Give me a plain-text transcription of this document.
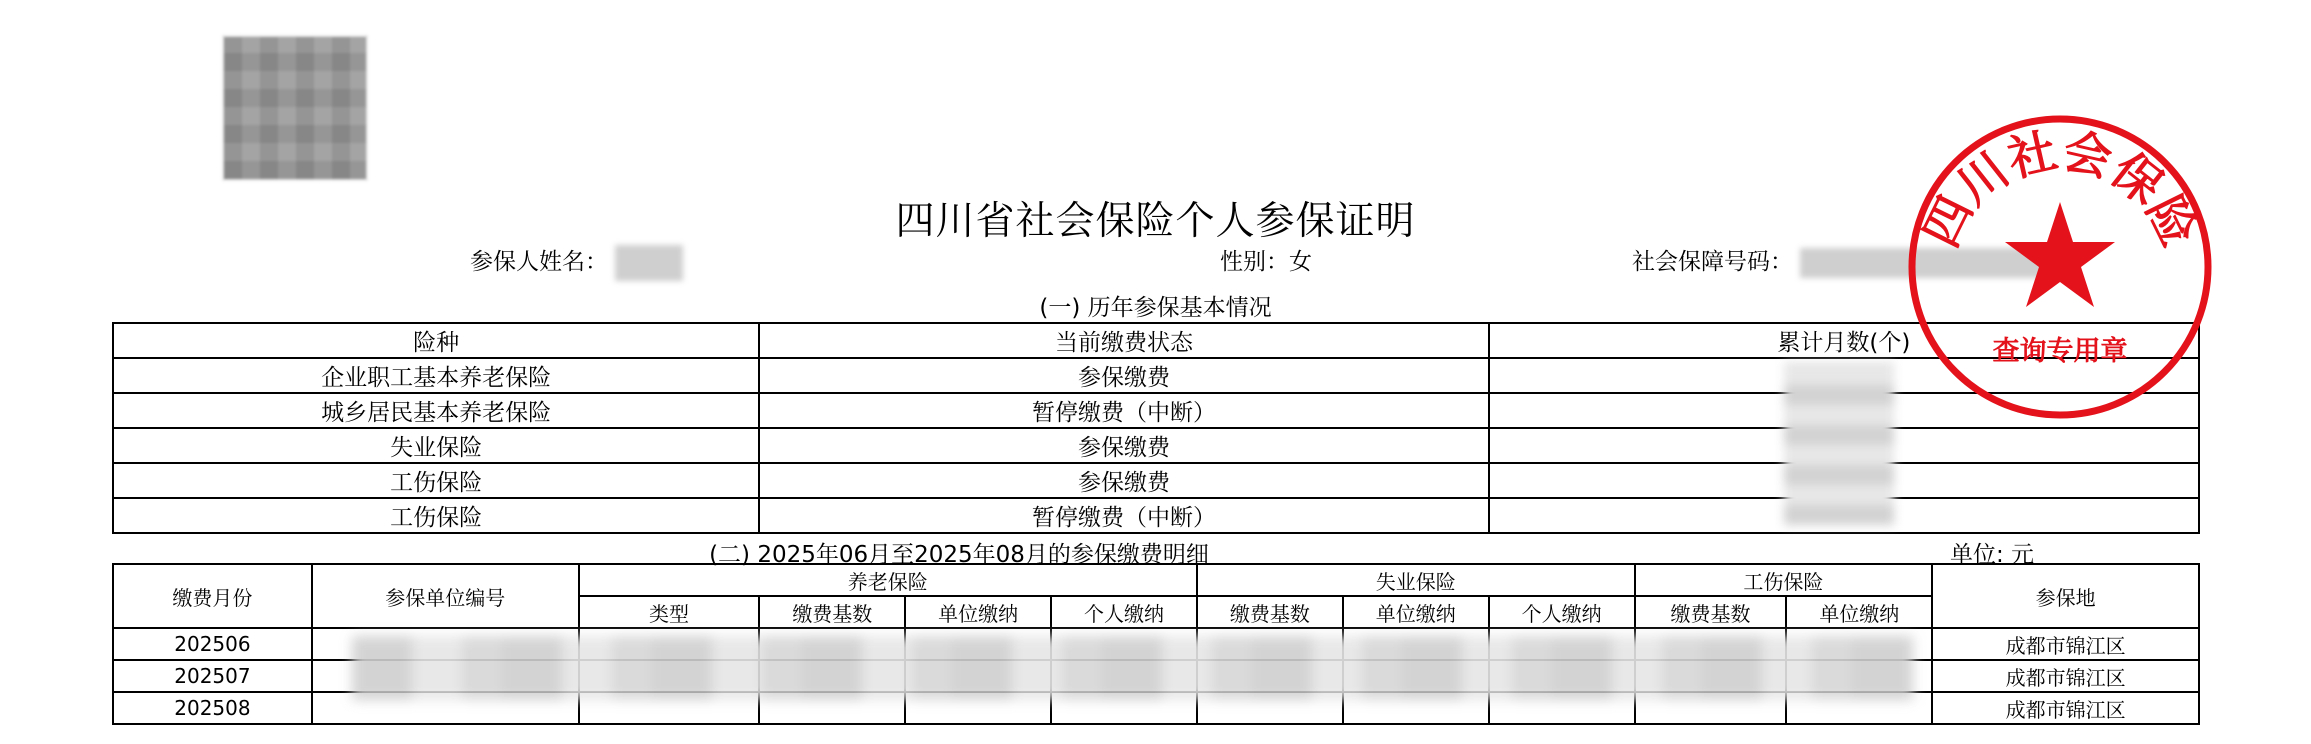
四川省社会保险个人参保证明
参保人姓名：	性别：女	社会保障号码：
(一) 历年参保基本情况
险种	当前缴费状态	累计月数(个)
企业职工基本养老保险	参保缴费	
城乡居民基本养老保险	暂停缴费（中断）	
失业保险	参保缴费	
工伤保险	参保缴费	
工伤保险	暂停缴费（中断）	
(二) 2025年06月至2025年08月的参保缴费明细	单位: 元
缴费月份	参保单位编号	养老保险				失业保险			工伤保险		参保地
		类型	缴费基数	单位缴纳	个人缴纳	缴费基数	单位缴纳	个人缴纳	缴费基数	单位缴纳	
202506											成都市锦江区
202507											成都市锦江区
202508											成都市锦江区
四川社会保险
查询专用章
